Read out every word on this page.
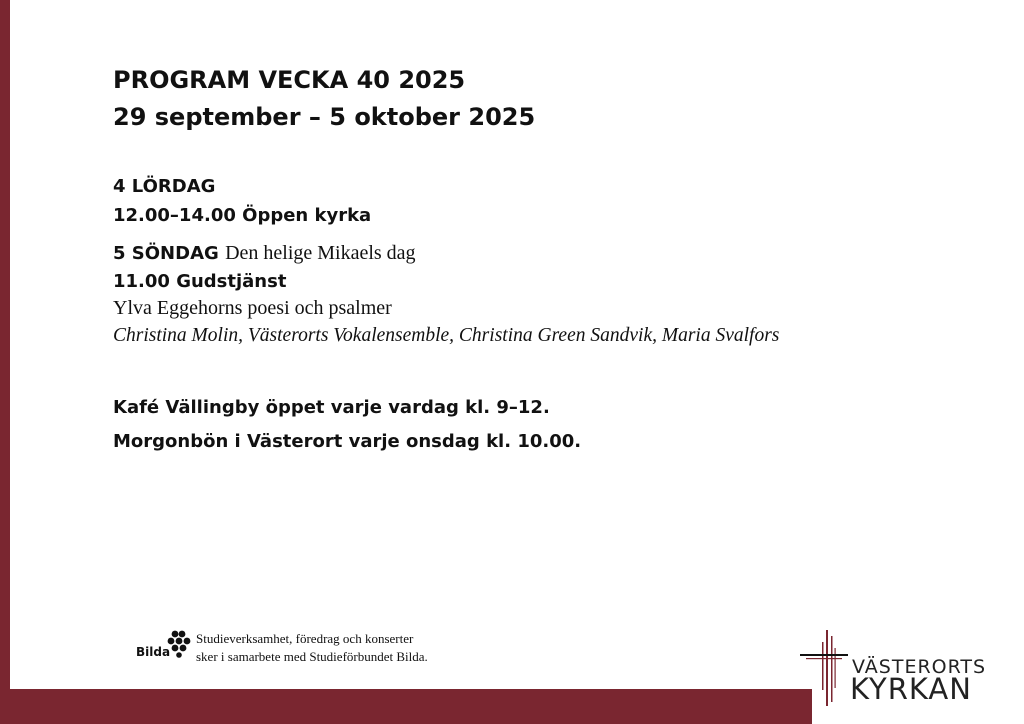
PROGRAM VECKA 40 2025
29 september – 5 oktober 2025
4 LÖRDAG
12.00–14.00 Öppen kyrka
5 SÖNDAG Den helige Mikaels dag
11.00 Gudstjänst
Ylva Eggehorns poesi och psalmer
Christina Molin, Västerorts Vokalensemble, Christina Green Sandvik, Maria Svalfors
Kafé Vällingby öppet varje vardag kl. 9–12.
Morgonbön i Västerort varje onsdag kl. 10.00.
Bilda
Studieverksamhet, föredrag och konserter
sker i samarbete med Studieförbundet Bilda.	VÄSTERORTS
KYRKAN
